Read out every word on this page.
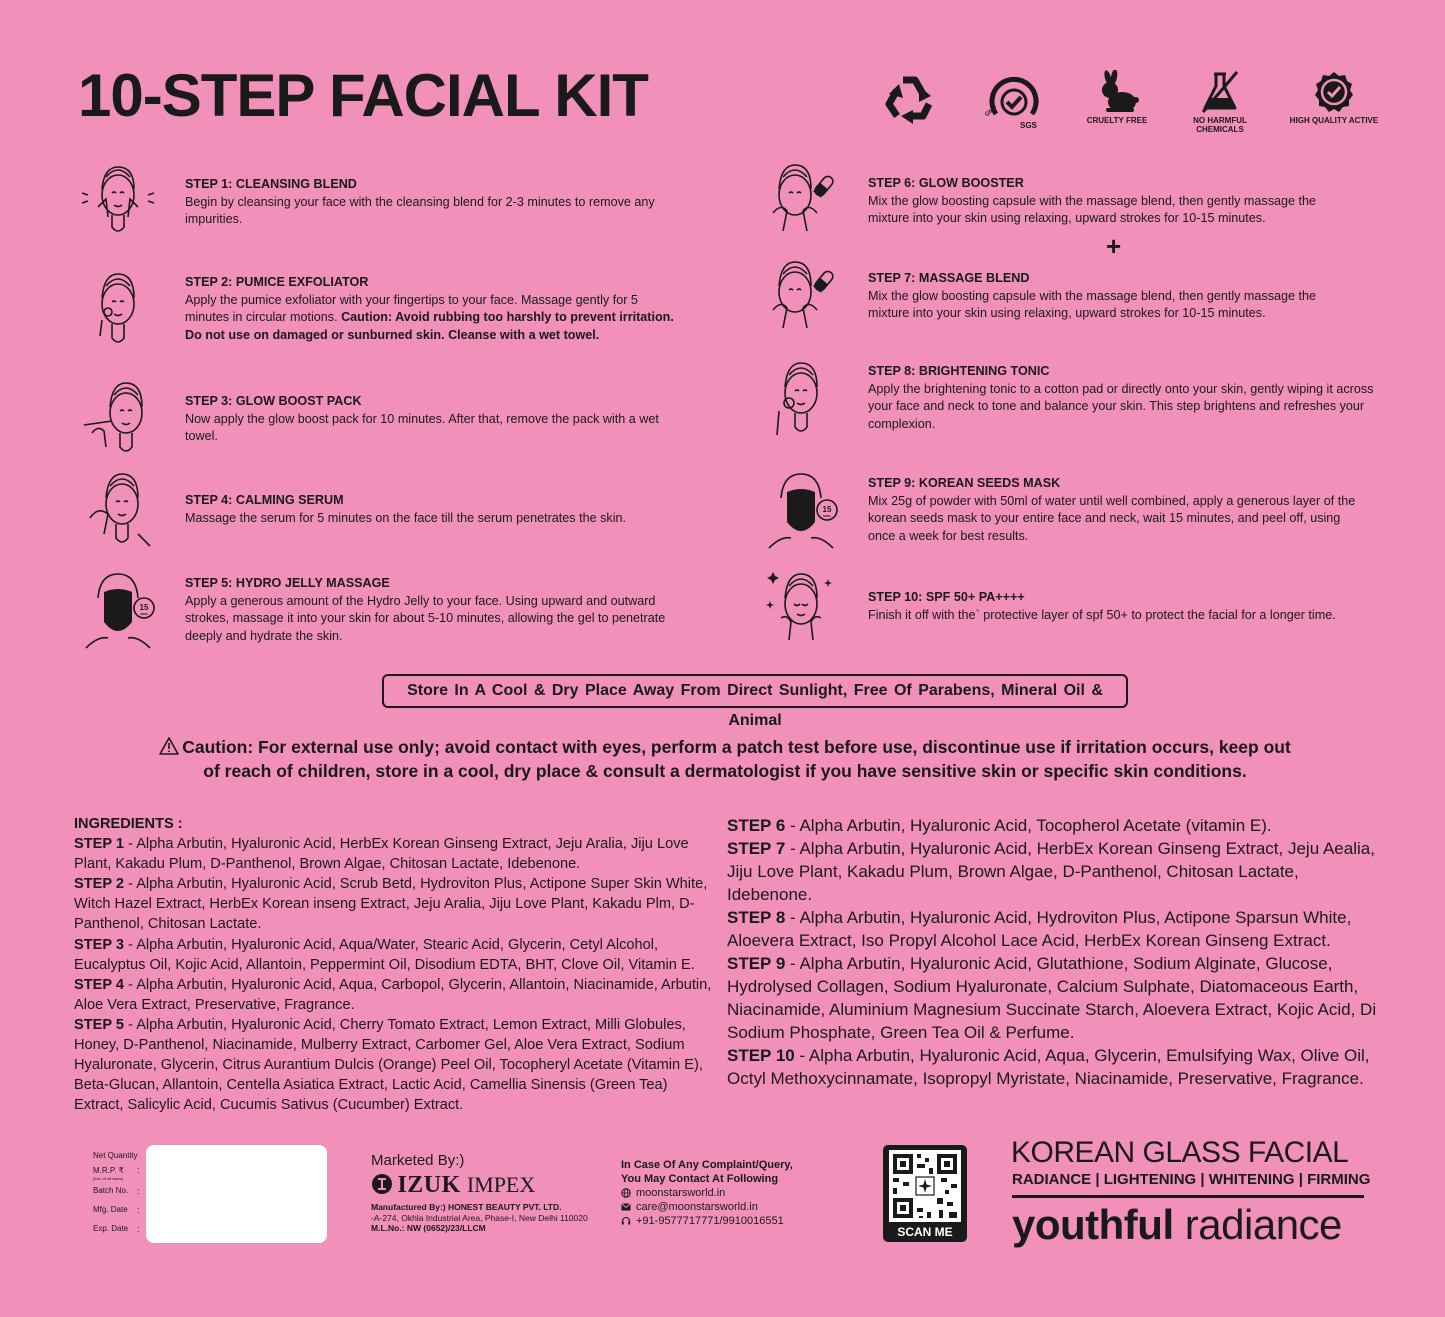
10-STEP FACIAL KIT	GOOD MANUFACTURING PRACT
SGS
GMP
CRUELTY FREE	NO HARMFUL CHEMICALS
HIGH QUALITY ACTIVE
STEP 1: CLEANSING BLEND
Begin by cleansing your face with the cleansing blend for 2-3 minutes to remove any impurities.
STEP 2: PUMICE EXFOLIATOR
Apply the pumice exfoliator with your fingertips to your face. Massage gently for 5 minutes in circular motions. Caution: Avoid rubbing too harshly to prevent irritation. Do not use on damaged or sunburned skin. Cleanse with a wet towel.
STEP 3: GLOW BOOST PACK
Now apply the glow boost pack for 10 minutes. After that, remove the pack with a wet towel.
STEP 4: CALMING SERUM
Massage the serum for 5 minutes on the face till the serum penetrates the skin.
15
MINS
STEP 5: HYDRO JELLY MASSAGE
Apply a generous amount of the Hydro Jelly to your face. Using upward and outward strokes, massage it into your skin for about 5-10 minutes, allowing the gel to penetrate deeply and hydrate the skin.
STEP 6: GLOW BOOSTER
Mix the glow boosting capsule with the massage blend, then gently massage the mixture into your skin using relaxing, upward strokes for 10-15 minutes.
+
STEP 7: MASSAGE BLEND
Mix the glow boosting capsule with the massage blend, then gently massage the mixture into your skin using relaxing, upward strokes for 10-15 minutes.
STEP 8: BRIGHTENING TONIC
Apply the brightening tonic to a cotton pad or directly onto your skin, gently wiping it across your face and neck to tone and balance your skin. This step brightens and refreshes your complexion.
15
MINS
STEP 9: KOREAN SEEDS MASK
Mix 25g of powder with 50ml of water until well combined, apply a generous layer of the korean seeds mask to your entire face and neck, wait 15 minutes, and peel off, using once a week for best results.
STEP 10: SPF 50+ PA++++
Finish it off with the` protective layer of spf 50+ to protect the facial for a longer time.
Store In A Cool & Dry Place Away From Direct Sunlight, Free Of Parabens, Mineral Oil & Animal
Caution: For external use only; avoid contact with eyes, perform a patch test before use, discontinue use if irritation occurs, keep out of reach of children, store in a cool, dry place & consult a dermatologist if you have sensitive skin or specific skin conditions.
INGREDIENTS :
STEP 1 - Alpha Arbutin, Hyaluronic Acid, HerbEx Korean Ginseng Extract, Jeju Aralia, Jiju Love Plant, Kakadu Plum, D-Panthenol, Brown Algae, Chitosan Lactate, Idebenone.
STEP 2 - Alpha Arbutin, Hyaluronic Acid, Scrub Betd, Hydroviton Plus, Actipone Super Skin White, Witch Hazel Extract, HerbEx Korean inseng Extract, Jeju Aralia, Jiju Love Plant, Kakadu Plm, D-Panthenol, Chitosan Lactate.
STEP 3 - Alpha Arbutin, Hyaluronic Acid, Aqua/Water, Stearic Acid, Glycerin, Cetyl Alcohol, Eucalyptus Oil, Kojic Acid, Allantoin, Peppermint Oil, Disodium EDTA, BHT, Clove Oil, Vitamin E.
STEP 4 - Alpha Arbutin, Hyaluronic Acid, Aqua, Carbopol, Glycerin, Allantoin, Niacinamide, Arbutin, Aloe Vera Extract, Preservative, Fragrance.
STEP 5 - Alpha Arbutin, Hyaluronic Acid, Cherry Tomato Extract, Lemon Extract, Milli Globules, Honey, D-Panthenol, Niacinamide, Mulberry Extract, Carbomer Gel, Aloe Vera Extract, Sodium Hyaluronate, Glycerin, Citrus Aurantium Dulcis (Orange) Peel Oil, Tocopheryl Acetate (Vitamin E), Beta-Glucan, Allantoin, Centella Asiatica Extract, Lactic Acid, Camellia Sinensis (Green Tea) Extract, Salicylic Acid, Cucumis Sativus (Cucumber) Extract.
STEP 6 - Alpha Arbutin, Hyaluronic Acid, Tocopherol Acetate (vitamin E).
STEP 7 - Alpha Arbutin, Hyaluronic Acid, HerbEx Korean Ginseng Extract, Jeju Aealia, Jiju Love Plant, Kakadu Plum, Brown Algae, D-Panthenol, Chitosan Lactate, Idebenone.
STEP 8 - Alpha Arbutin, Hyaluronic Acid, Hydroviton Plus, Actipone Sparsun White, Aloevera Extract, Iso Propyl Alcohol Lace Acid, HerbEx Korean Ginseng Extract.
STEP 9 - Alpha Arbutin, Hyaluronic Acid, Glutathione, Sodium Alginate, Glucose, Hydrolysed Collagen, Sodium Hyaluronate, Calcium Sulphate, Diatomaceous Earth, Niacinamide, Aluminium Magnesium Succinate Starch, Aloevera Extract, Kojic Acid, Di Sodium Phosphate, Green Tea Oil & Perfume.
STEP 10 - Alpha Arbutin, Hyaluronic Acid, Aqua, Glycerin, Emulsifying Wax, Olive Oil, Octyl Methoxycinnamate, Isopropyl Myristate, Niacinamide, Preservative, Fragrance.
Net Quantity
M.R.P. ₹
(Incl. of all taxes)
Batch No.
Mfg. Date
Exp. Date
:
:
:
:
Marketed By:)
IZUK IMPEX
Manufactured By:) HONEST BEAUTY PVT. LTD.
-A-274, Okhla Industrial Area, Phase-I, New Delhi 110020
M.L.No.: NW (0652)/23/LLCM
In Case Of Any Complaint/Query,
You May Contact At Following
moonstarsworld.in
care@moonstarsworld.in
+91-9577717771/9910016551
SCAN ME
KOREAN GLASS FACIAL
RADIANCE | LIGHTENING | WHITENING | FIRMING
youthful radiance
